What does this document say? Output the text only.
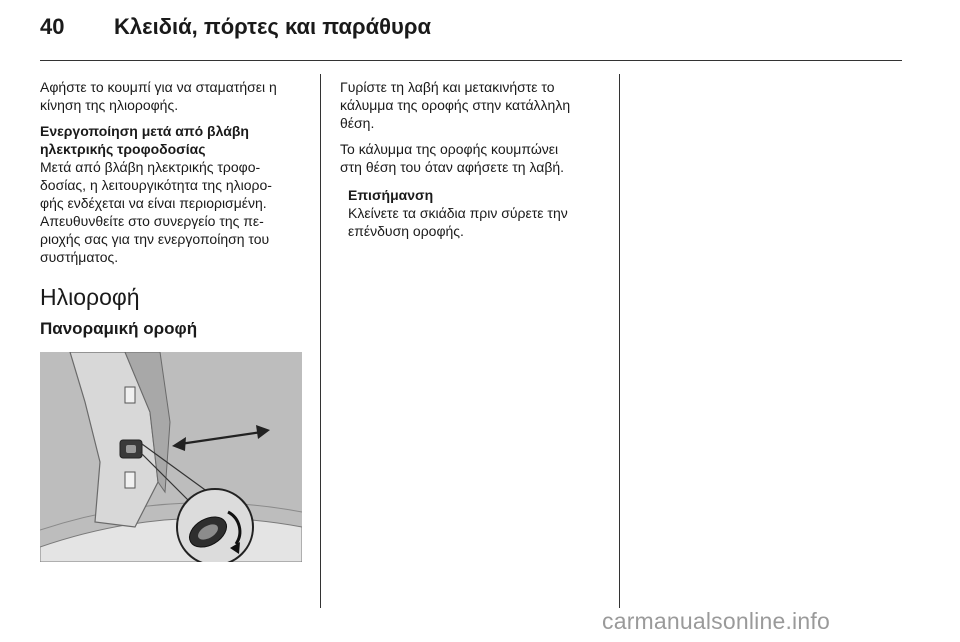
40	Κλειδιά, πόρτες και παράθυρα

Αφήστε το κουμπί για να σταματήσει η κίνηση της ηλιοροφής.

Ενεργοποίηση μετά από βλάβη
ηλεκτρικής τροφοδοσίας
Μετά από βλάβη ηλεκτρικής τροφο-
δοσίας, η λειτουργικότητα της ηλιορο-
φής ενδέχεται να είναι περιορισμένη.
Απευθυνθείτε στο συνεργείο της πε-
ριοχής σας για την ενεργοποίηση του
συστήματος.
Ηλιοροφή
Πανοραμική οροφή
Γυρίστε τη λαβή και μετακινήστε το
κάλυμμα της οροφής στην κατάλληλη
θέση.
Το κάλυμμα της οροφής κουμπώνει
στη θέση του όταν αφήσετε τη λαβή.
Επισήμανση
Κλείνετε τα σκιάδια πριν σύρετε την
επένδυση οροφής.
carmanualsonline.info
